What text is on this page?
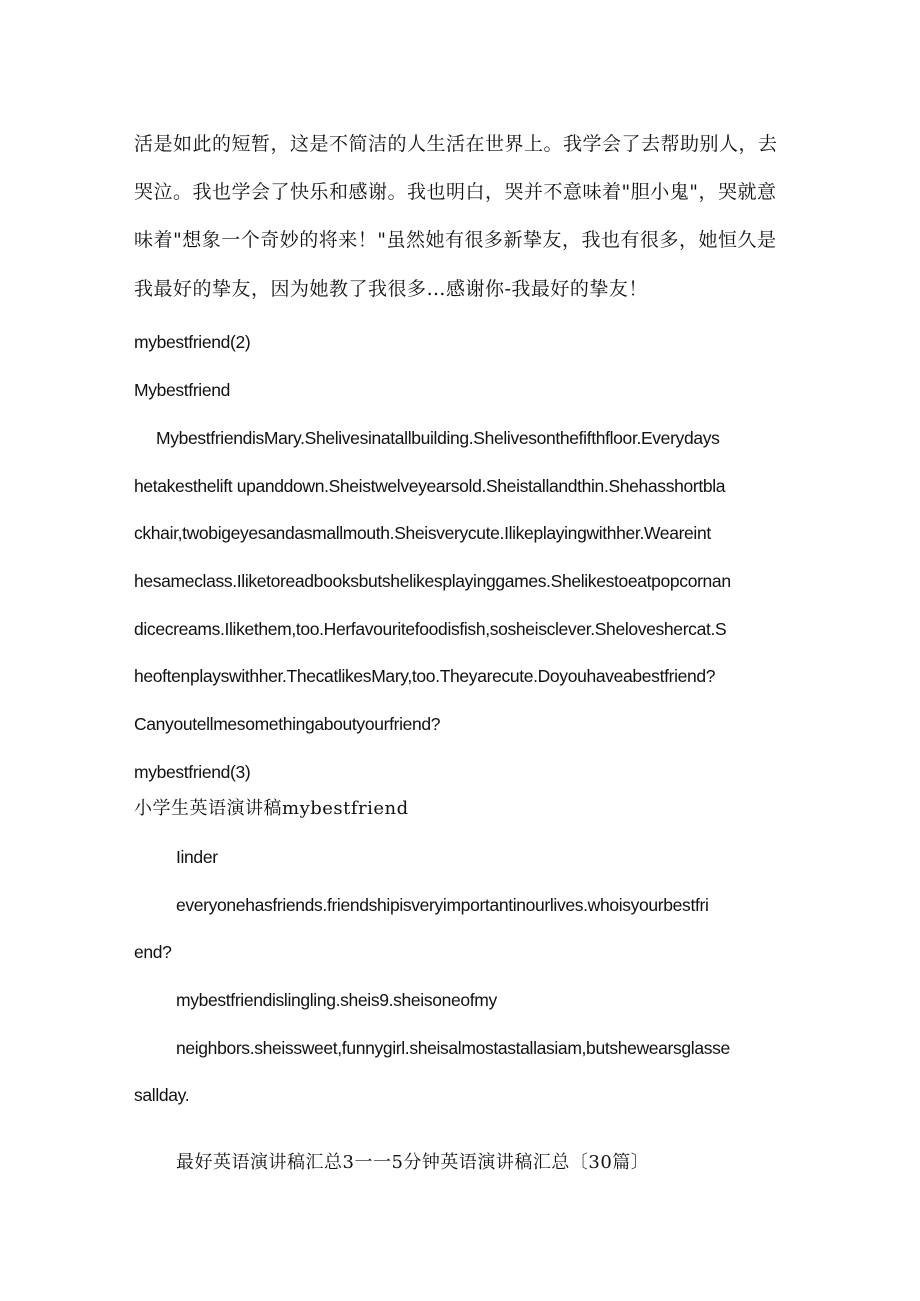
活是如此的短暂，这是不简洁的人生活在世界上。我学会了去帮助别人，去
哭泣。我也学会了快乐和感谢。我也明白，哭并不意味着"胆小鬼"，哭就意
味着"想象一个奇妙的将来！"虽然她有很多新挚友，我也有很多，她恒久是
我最好的挚友，因为她教了我很多…感谢你-我最好的挚友！
mybestfriend(2)
Mybestfriend
MybestfriendisMary.Shelivesinatallbuilding.Shelivesonthefifthfloor.Everydays
hetakesthelift upanddown.Sheistwelveyearsold.Sheistallandthin.Shehasshortbla
ckhair,twobigeyesandasmallmouth.Sheisverycute.Ilikeplayingwithher.Weareint
hesameclass.Iliketoreadbooksbutshelikesplayinggames.Shelikestoeatpopcornan
dicecreams.Ilikethem,too.Herfavouritefoodisfish,sosheisclever.Sheloveshercat.S
heoftenplayswithher.ThecatlikesMary,too.Theyarecute.Doyouhaveabestfriend?
Canyoutellmesomethingaboutyourfriend?
mybestfriend(3)
小学生英语演讲稿mybestfriend
Iinder
everyonehasfriends.friendshipisveryimportantinourlives.whoisyourbestfri
end?
mybestfriendislingling.sheis9.sheisoneofmy
neighbors.sheissweet,funnygirl.sheisalmostastallasiam,butshewearsglasse
sallday.
最好英语演讲稿汇总3一一5分钟英语演讲稿汇总〔30篇〕
